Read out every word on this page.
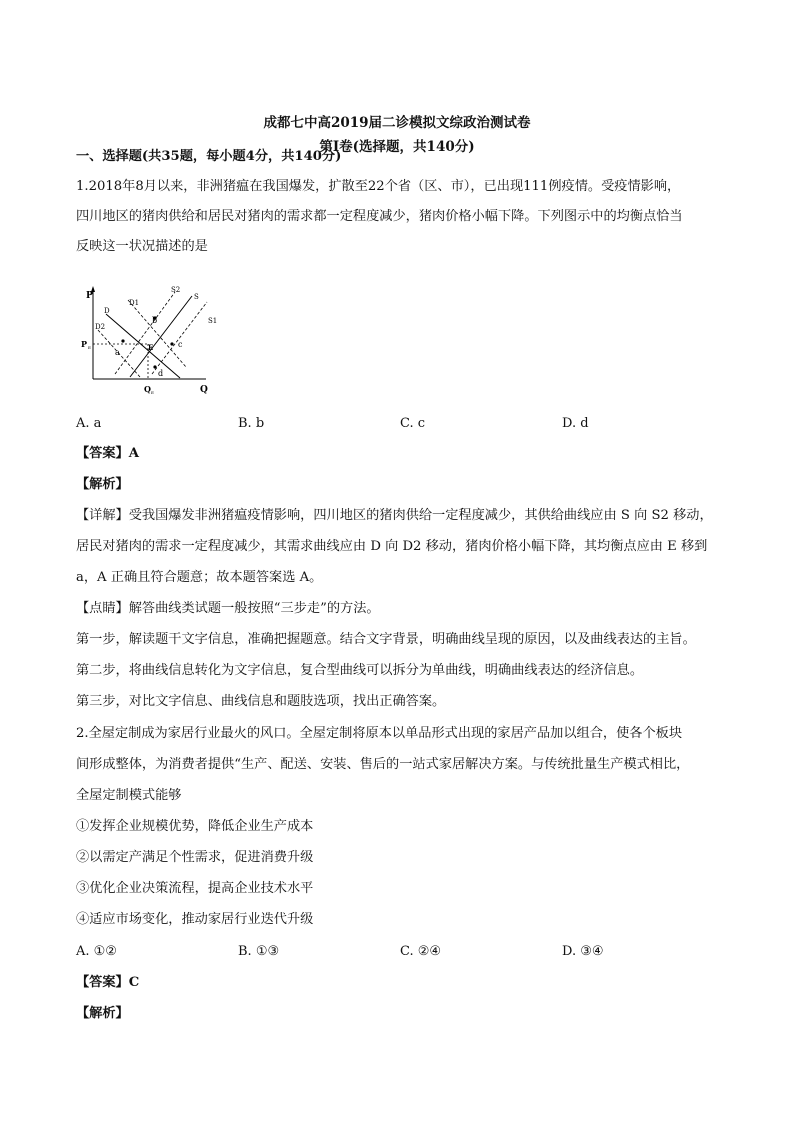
成都七中高2019届二诊模拟文综政治测试卷
第I卷(选择题，共140分)
一、选择题(共35题，每小题4分，共140分)
1.2018年8月以来，非洲猪瘟在我国爆发，扩散至22个省（区、市），已出现111例疫情。受疫情影响，
四川地区的猪肉供给和居民对猪肉的需求都一定程度减少，猪肉价格小幅下降。下列图示中的均衡点恰当
反映这一状况描述的是
P
Q
D1
D
D2
S2
S
S1
a
b
c
d
E
P E
Q E
A. a	B. b	C. c	D. d
【答案】A
【解析】
【详解】受我国爆发非洲猪瘟疫情影响，四川地区的猪肉供给一定程度减少，其供给曲线应由 S 向 S2 移动，
居民对猪肉的需求一定程度减少，其需求曲线应由 D 向 D2 移动，猪肉价格小幅下降，其均衡点应由 E 移到
a，A 正确且符合题意；故本题答案选 A。
【点睛】解答曲线类试题一般按照“三步走”的方法。
第一步，解读题干文字信息，准确把握题意。结合文字背景，明确曲线呈现的原因，以及曲线表达的主旨。
第二步，将曲线信息转化为文字信息，复合型曲线可以拆分为单曲线，明确曲线表达的经济信息。
第三步，对比文字信息、曲线信息和题肢选项，找出正确答案。
2.全屋定制成为家居行业最火的风口。全屋定制将原本以单品形式出现的家居产品加以组合，使各个板块
间形成整体，为消费者提供“生产、配送、安装、售后的一站式家居解决方案。与传统批量生产模式相比，
全屋定制模式能够
①发挥企业规模优势，降低企业生产成本
②以需定产满足个性需求，促进消费升级
③优化企业决策流程，提高企业技术水平
④适应市场变化，推动家居行业迭代升级
A. ①②	B. ①③	C. ②④	D. ③④
【答案】C
【解析】
